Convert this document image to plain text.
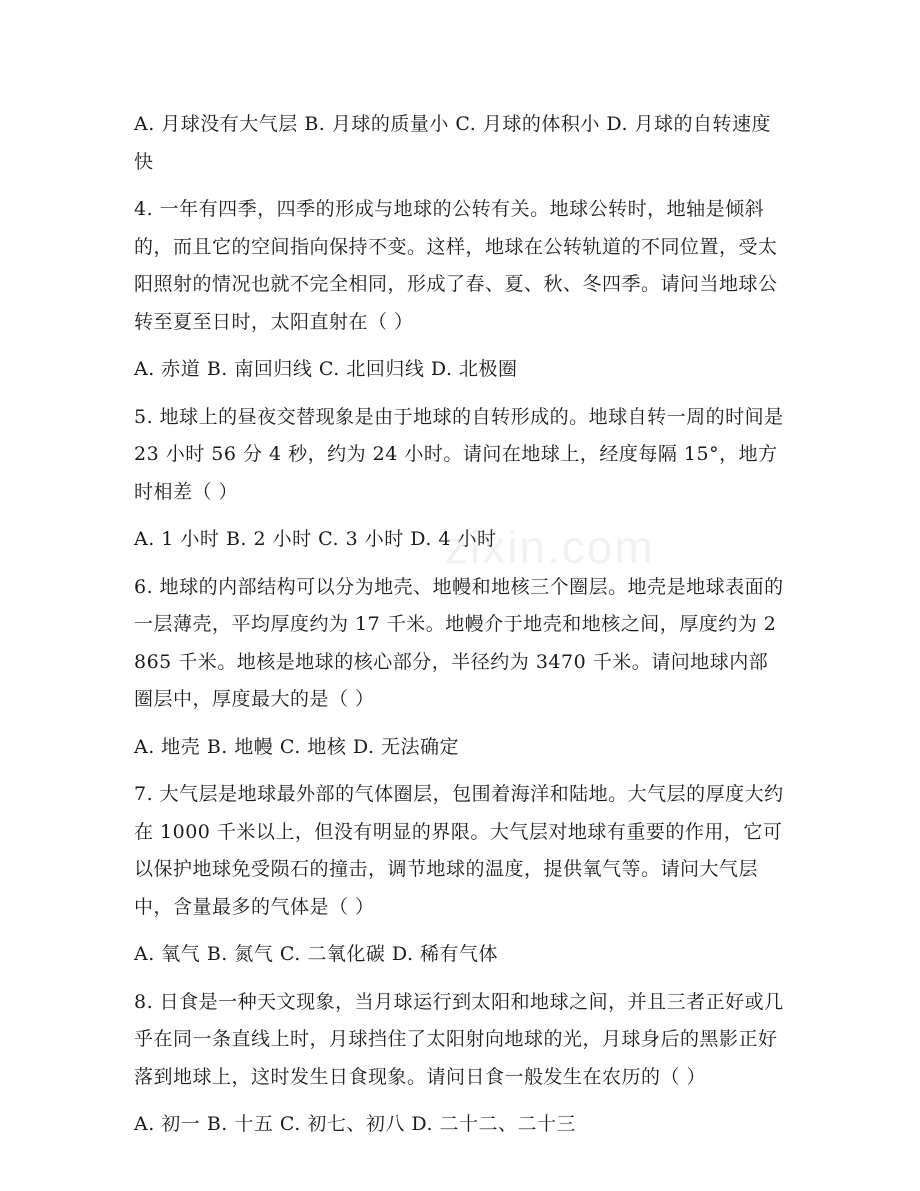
zixin.com

A. 月球没有大气层 B. 月球的质量小 C. 月球的体积小 D. 月球的自转速度快

4. 一年有四季，四季的形成与地球的公转有关。地球公转时，地轴是倾斜的，而且它的空间指向保持不变。这样，地球在公转轨道的不同位置，受太阳照射的情况也就不完全相同，形成了春、夏、秋、冬四季。请问当地球公转至夏至日时，太阳直射在（ ）

A. 赤道 B. 南回归线 C. 北回归线 D. 北极圈

5. 地球上的昼夜交替现象是由于地球的自转形成的。地球自转一周的时间是 23 小时 56 分 4 秒，约为 24 小时。请问在地球上，经度每隔 15°，地方时相差（ ）

A. 1 小时 B. 2 小时 C. 3 小时 D. 4 小时

6. 地球的内部结构可以分为地壳、地幔和地核三个圈层。地壳是地球表面的一层薄壳，平均厚度约为 17 千米。地幔介于地壳和地核之间，厚度约为 2865 千米。地核是地球的核心部分，半径约为 3470 千米。请问地球内部圈层中，厚度最大的是（ ）

A. 地壳 B. 地幔 C. 地核 D. 无法确定

7. 大气层是地球最外部的气体圈层，包围着海洋和陆地。大气层的厚度大约在 1000 千米以上，但没有明显的界限。大气层对地球有重要的作用，它可以保护地球免受陨石的撞击，调节地球的温度，提供氧气等。请问大气层中，含量最多的气体是（ ）

A. 氧气 B. 氮气 C. 二氧化碳 D. 稀有气体

8. 日食是一种天文现象，当月球运行到太阳和地球之间，并且三者正好或几乎在同一条直线上时，月球挡住了太阳射向地球的光，月球身后的黑影正好落到地球上，这时发生日食现象。请问日食一般发生在农历的（ ）

A. 初一 B. 十五 C. 初七、初八 D. 二十二、二十三
